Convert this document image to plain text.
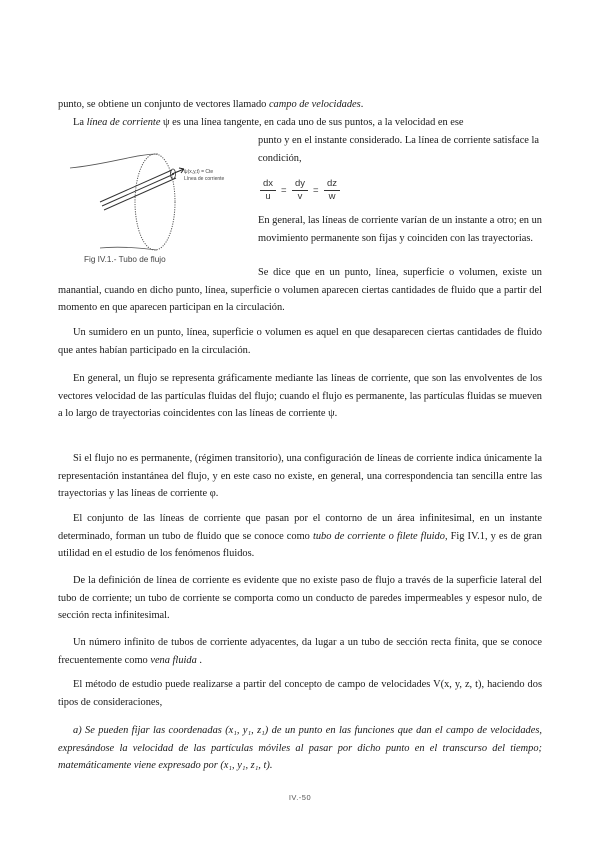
punto, se obtiene un conjunto de vectores llamado campo de velocidades.

La línea de corriente ψ es una línea tangente, en cada uno de sus puntos, a la velocidad en ese

punto y en el instante considerado. La línea de corriente satisface la condición,

ψ(x,y,t) = Cte
Línea de corriente
Fig IV.1.- Tubo de flujo
$\frac{dx}{u} = \frac{dy}{v} = \frac{dz}{w}$

En general, las líneas de corriente varían de un instante a otro; en un movimiento permanente son fijas y coinciden con las trayectorias.

Se dice que en un punto, línea, superficie o volumen, existe un manantial, cuando en dicho punto, línea, superficie o volumen aparecen ciertas cantidades de fluido que a partir del momento en que aparecen participan en la circulación.

Un sumidero en un punto, línea, superficie o volumen es aquel en que desaparecen ciertas cantidades de fluido que antes habían participado en la circulación.

En general, un flujo se representa gráficamente mediante las líneas de corriente, que son las envolventes de los vectores velocidad de las partículas fluidas del flujo; cuando el flujo es permanente, las partículas fluidas se mueven a lo largo de trayectorias coincidentes con las líneas de corriente ψ.

Si el flujo no es permanente, (régimen transitorio), una configuración de líneas de corriente indica únicamente la representación instantánea del flujo, y en este caso no existe, en general, una correspondencia tan sencilla entre las trayectorias y las líneas de corriente φ.

El conjunto de las líneas de corriente que pasan por el contorno de un área infinitesimal, en un instante determinado, forman un tubo de fluido que se conoce como tubo de corriente o filete fluido, Fig IV.1, y es de gran utilidad en el estudio de los fenómenos fluidos.

De la definición de línea de corriente es evidente que no existe paso de flujo a través de la superficie lateral del tubo de corriente; un tubo de corriente se comporta como un conducto de paredes impermeables y espesor nulo, de sección recta infinitesimal.

Un número infinito de tubos de corriente adyacentes, da lugar a un tubo de sección recta finita, que se conoce frecuentemente como vena fluida .

El método de estudio puede realizarse a partir del concepto de campo de velocidades V(x, y, z, t), haciendo dos tipos de consideraciones,

a) Se pueden fijar las coordenadas (x₁, y₁, z₁) de un punto en las funciones que dan el campo de velocidades, expresándose la velocidad de las partículas móviles al pasar por dicho punto en el transcurso del tiempo; matemáticamente viene expresado por (x₁, y₁, z₁, t).

IV.-50
